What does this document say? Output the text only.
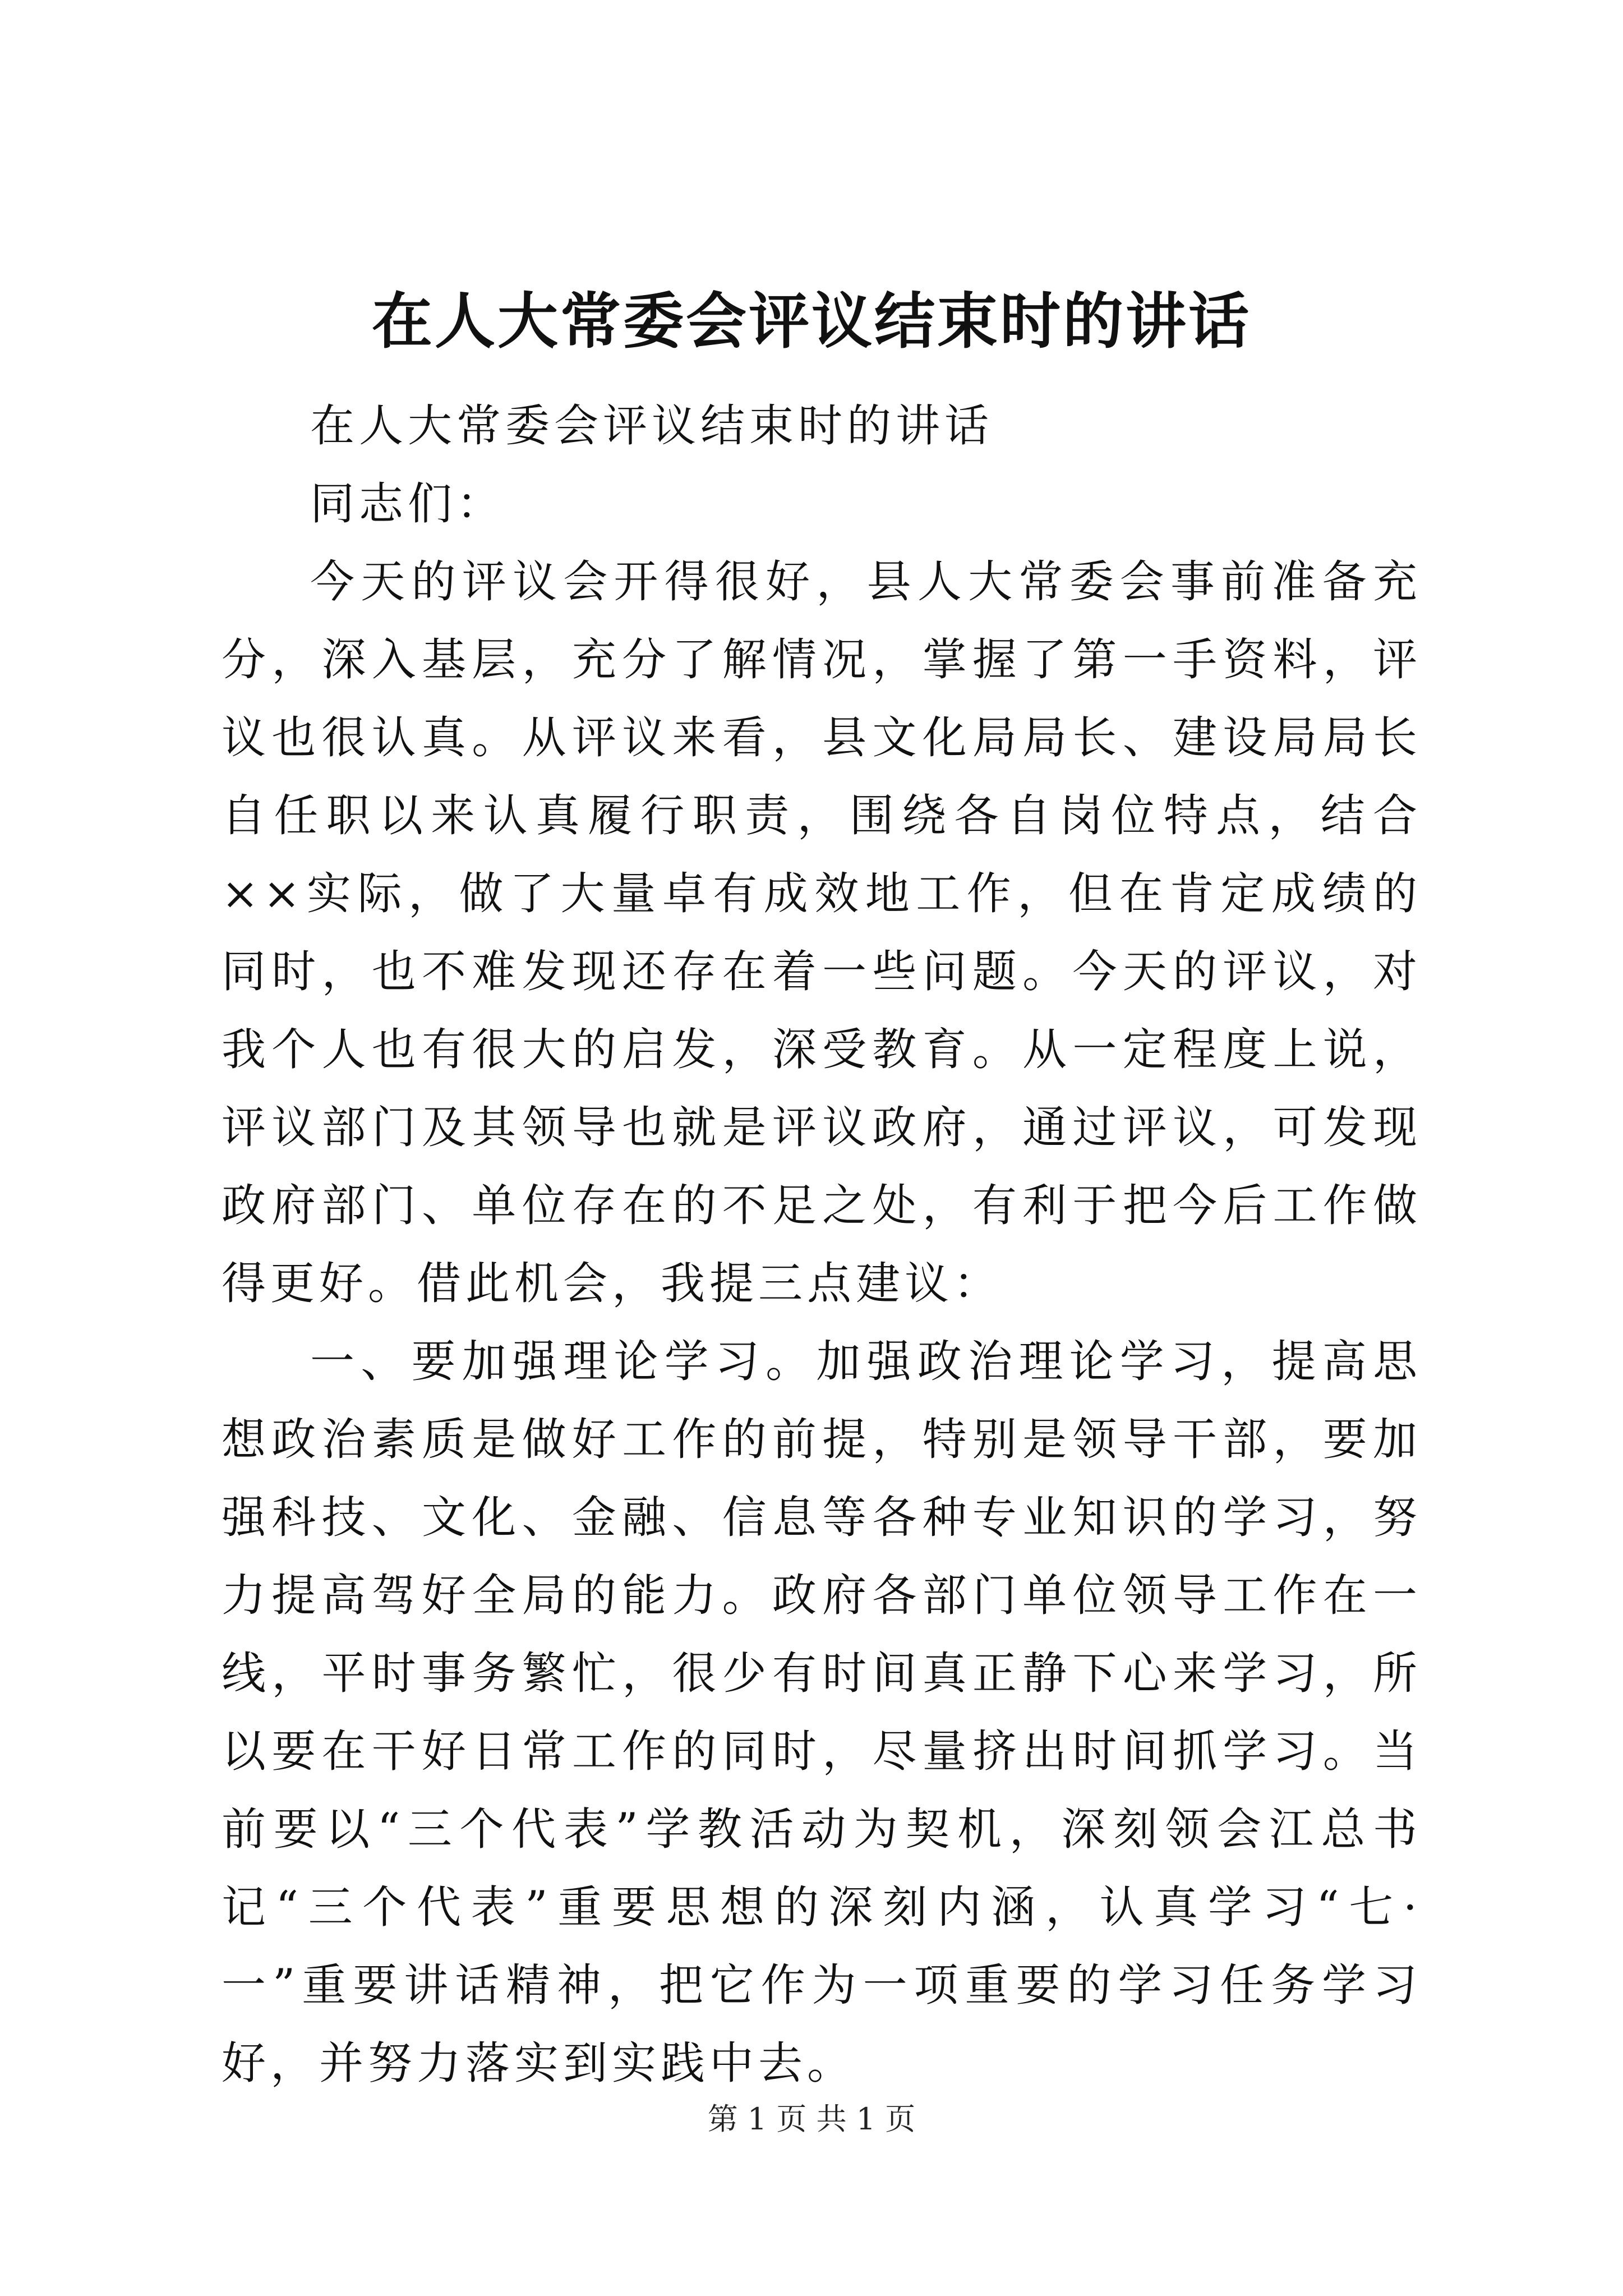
在人大常委会评议结束时的讲话

在人大常委会评议结束时的讲话

同志们：

今天的评议会开得很好，县人大常委会事前准备充分，深入基层，充分了解情况，掌握了第一手资料，评议也很认真。从评议来看，县文化局局长、建设局局长自任职以来认真履行职责，围绕各自岗位特点，结合××实际，做了大量卓有成效地工作，但在肯定成绩的同时，也不难发现还存在着一些问题。今天的评议，对我个人也有很大的启发，深受教育。从一定程度上说，评议部门及其领导也就是评议政府，通过评议，可发现政府部门、单位存在的不足之处，有利于把今后工作做得更好。借此机会，我提三点建议：

一、要加强理论学习。加强政治理论学习，提高思想政治素质是做好工作的前提，特别是领导干部，要加强科技、文化、金融、信息等各种专业知识的学习，努力提高驾好全局的能力。政府各部门单位领导工作在一线，平时事务繁忙，很少有时间真正静下心来学习，所以要在干好日常工作的同时，尽量挤出时间抓学习。当前要以“三个代表”学教活动为契机，深刻领会江总书记“三个代表”重要思想的深刻内涵，认真学习“七·一”重要讲话精神，把它作为一项重要的学习任务学习好，并努力落实到实践中去。

第 1 页 共 1 页
